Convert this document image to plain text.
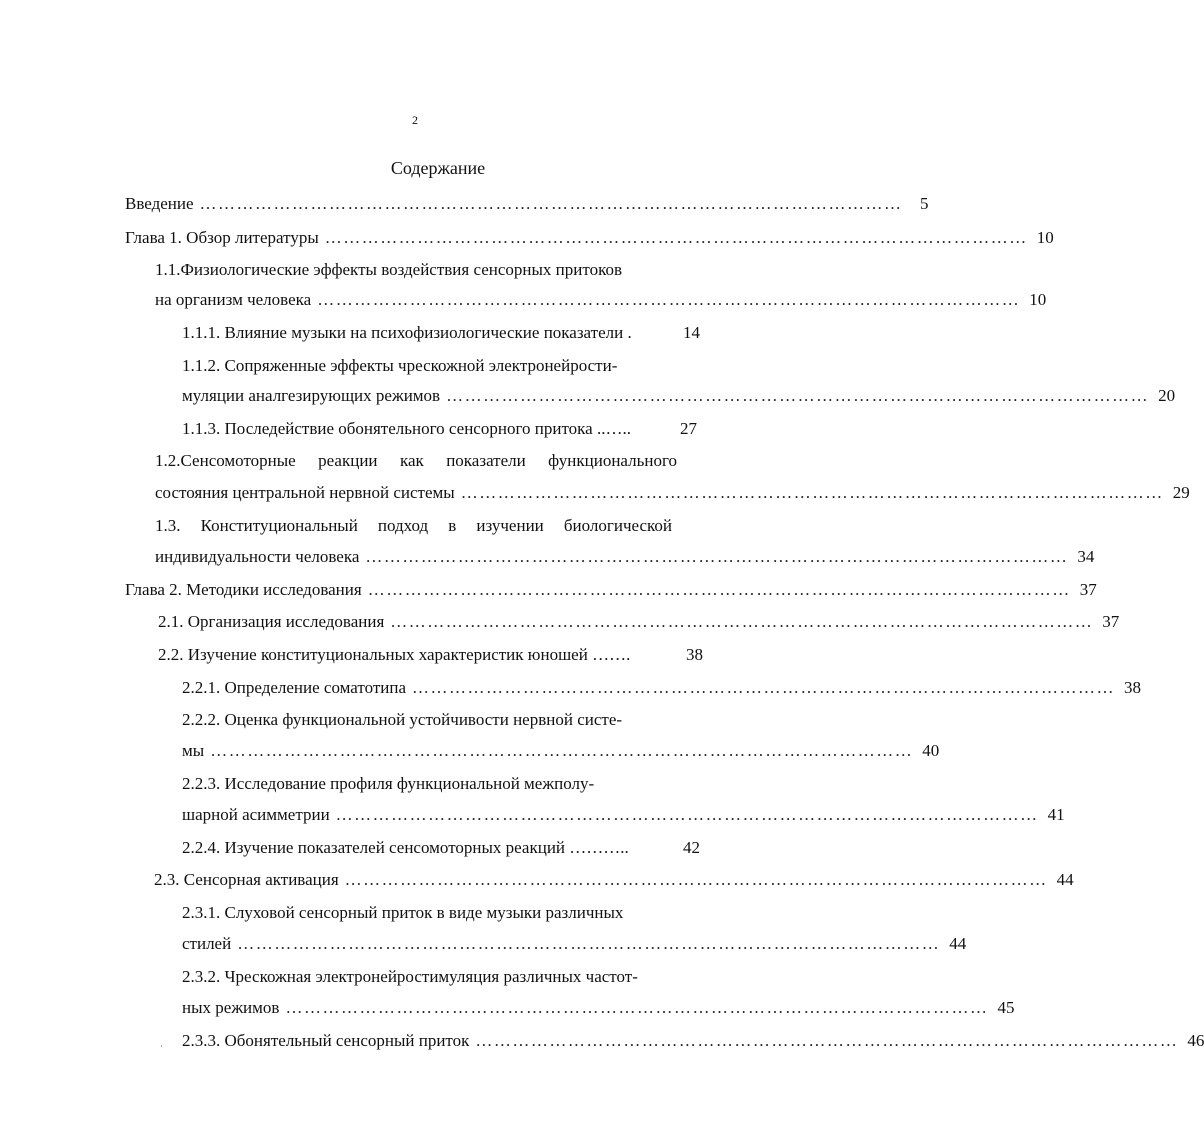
2
Содержание
Введение ……………………………………………………………………………………………………	5
Глава 1. Обзор литературы …………………………………………………………………………………………………… 10
1.1.Физиологические эффекты воздействия сенсорных притоков
на организм человека …………………………………………………………………………………………………… 10
1.1.1. Влияние музыки на психофизиологические показатели .	14
1.1.2. Сопряженные эффекты чрескожной электронейрости-
муляции аналгезирующих режимов …………………………………………………………………………………………………… 20
1.1.3. Последействие обонятельного сенсорного притока ..…..	27
1.2.Сенсомоторные реакции как показатели функционального
состояния центральной нервной системы …………………………………………………………………………………………………… 29
1.3. Конституциональный подход в изучении биологической
индивидуальности человека …………………………………………………………………………………………………… 34
Глава 2. Методики исследования …………………………………………………………………………………………………… 37
2.1. Организация исследования …………………………………………………………………………………………………… 37
2.2. Изучение конституциональных характеристик юношей …….	38
2.2.1. Определение соматотипа …………………………………………………………………………………………………… 38
2.2.2. Оценка функциональной устойчивости нервной систе-
мы …………………………………………………………………………………………………… 40
2.2.3. Исследование профиля функциональной межполу-
шарной асимметрии …………………………………………………………………………………………………… 41
2.2.4. Изучение показателей сенсомоторных реакций ………..	42
2.3. Сенсорная активация …………………………………………………………………………………………………… 44
2.3.1. Слуховой сенсорный приток в виде музыки различных
стилей …………………………………………………………………………………………………… 44
2.3.2. Чрескожная электронейростимуляция различных частот-
ных режимов …………………………………………………………………………………………………… 45
2.3.3. Обонятельный сенсорный приток …………………………………………………………………………………………………… 46
ʻ
